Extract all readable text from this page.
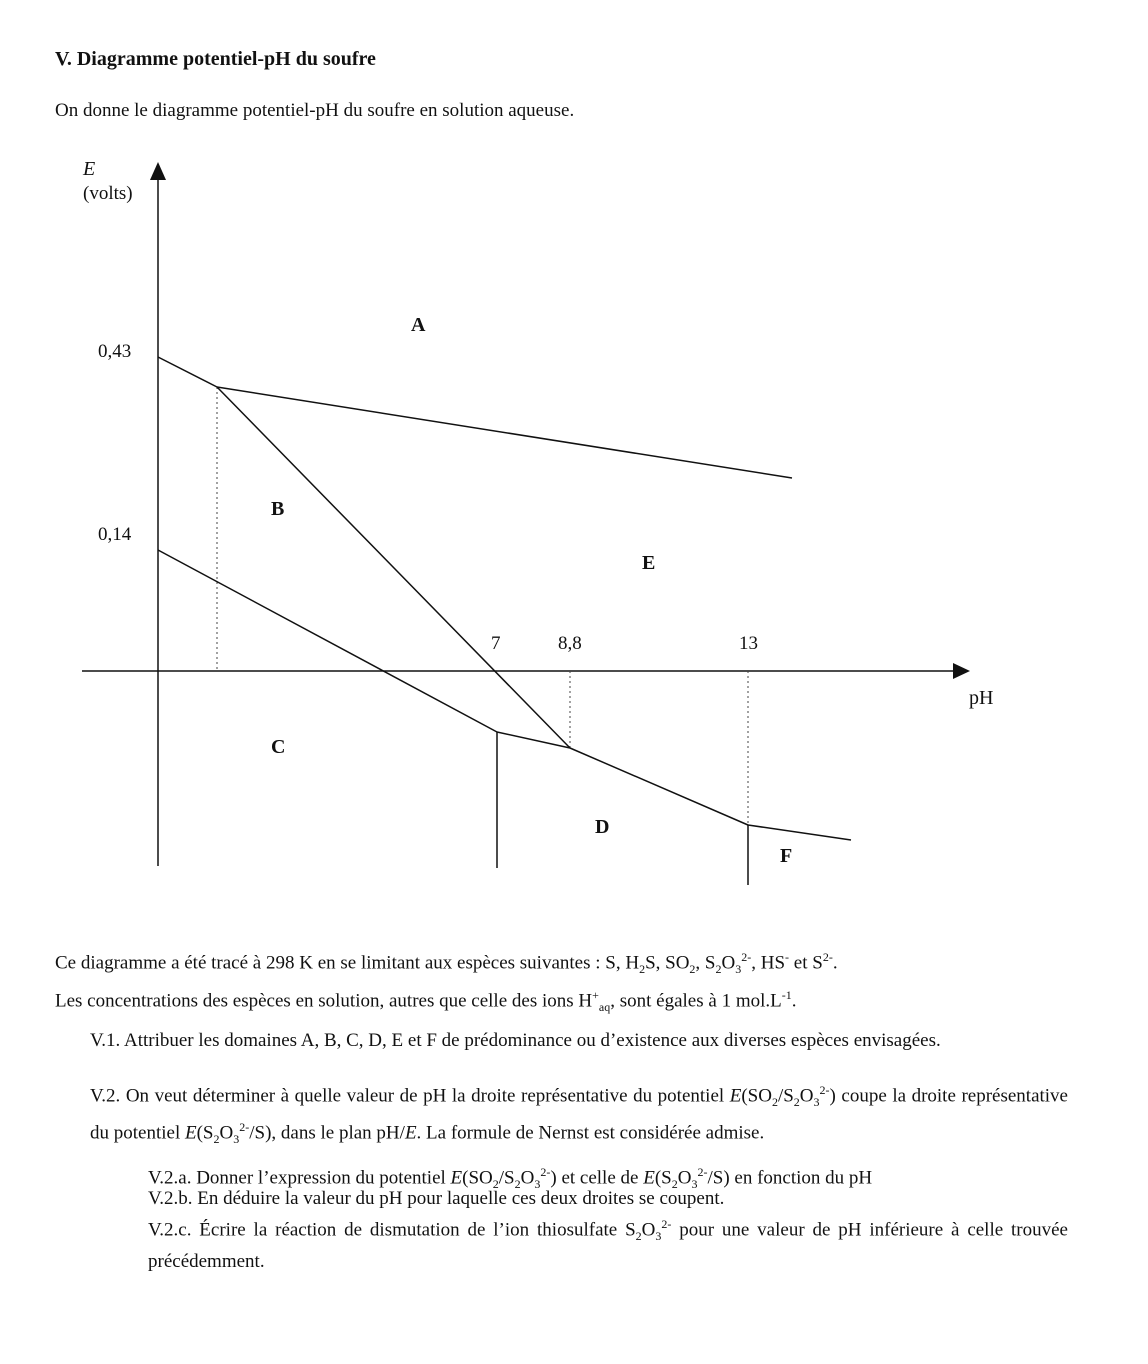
V. Diagramme potentiel-pH du soufre
On donne le diagramme potentiel-pH du soufre en solution aqueuse.
E
(volts)
pH
0,43
0,14
7	8,8	13
A
B
C
D
E
F
Ce diagramme a été tracé à 298 K en se limitant aux espèces suivantes : S, $H_2S$, $SO_2$, $S_2O_3^{2-}$, HS- et $S^{2-}$.
Les concentrations des espèces en solution, autres que celle des ions $H^+_{aq}$, sont égales à 1 $mol.L^{-1}$.
V.1. Attribuer les domaines A, B, C, D, E et F de prédominance ou d’existence aux diverses espèces envisagées.
V.2. On veut déterminer à quelle valeur de pH la droite représentative du potentiel $E(SO_2/S_2O_3^{2-})$ coupe la droite représentative du potentiel $E(S_2O_3^{2-}/S)$, dans le plan pH/E. La formule de Nernst est considérée admise.
V.2.a. Donner l’expression du potentiel $E(SO_2/S_2O_3^{2-})$ et celle de $E(S_2O_3^{2-}/S)$ en fonction du pH
V.2.b. En déduire la valeur du pH pour laquelle ces deux droites se coupent.
V.2.c. Écrire la réaction de dismutation de l’ion thiosulfate $S_2O_3^{2-}$ pour une valeur de pH inférieure à celle trouvée précédemment.
